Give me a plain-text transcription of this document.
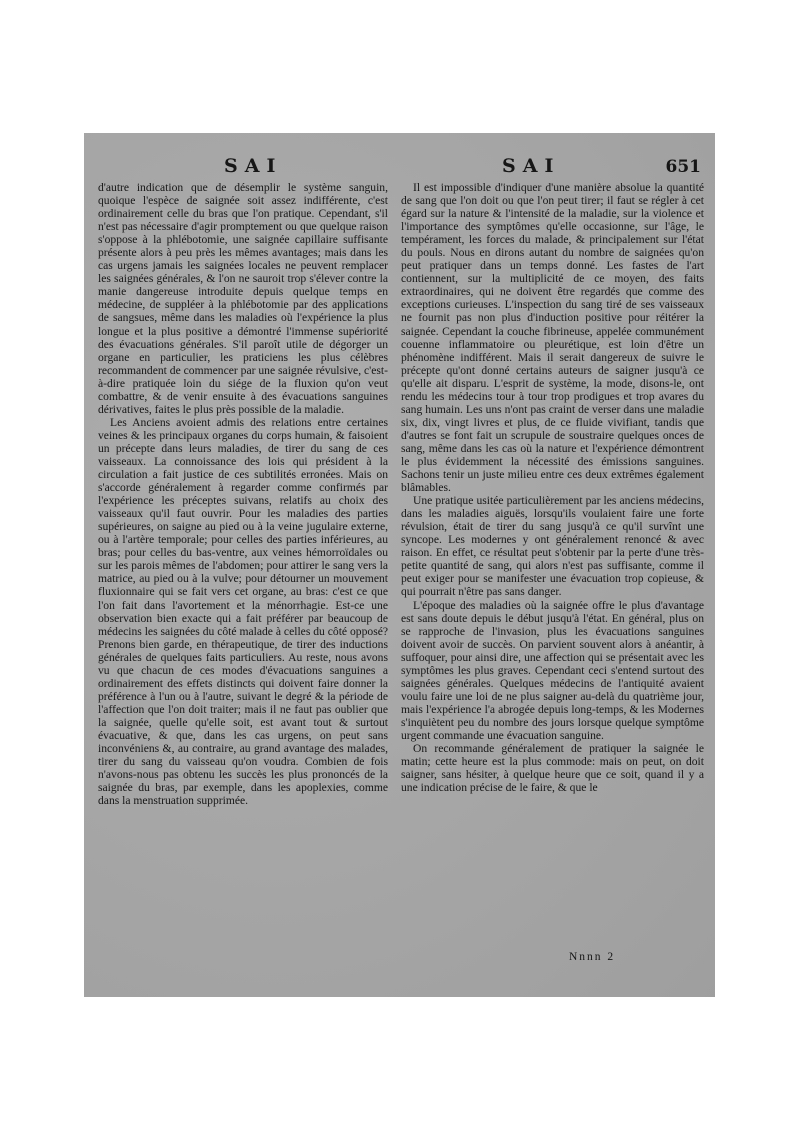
SAI	SAI	651

d'autre indication que de désemplir le système sanguin, quoique l'espèce de saignée soit assez indifférente, c'est ordinairement celle du bras que l'on pratique. Cependant, s'il n'est pas nécessaire d'agir promptement ou que quelque raison s'oppose à la phlébotomie, une saignée capillaire suffisante présente alors à peu près les mêmes avantages; mais dans les cas urgens jamais les saignées locales ne peuvent remplacer les saignées générales, & l'on ne sauroit trop s'élever contre la manie dangereuse introduite depuis quelque temps en médecine, de suppléer à la phlébotomie par des applications de sangsues, même dans les maladies où l'expérience la plus longue et la plus positive a démontré l'immense supériorité des évacuations générales. S'il paroît utile de dégorger un organe en particulier, les praticiens les plus célèbres recommandent de commencer par une saignée révulsive, c'est-à-dire pratiquée loin du siége de la fluxion qu'on veut combattre, & de venir ensuite à des évacuations sanguines dérivatives, faites le plus près possible de la maladie.

Les Anciens avoient admis des relations entre certaines veines & les principaux organes du corps humain, & faisoient un précepte dans leurs maladies, de tirer du sang de ces vaisseaux. La connoissance des lois qui président à la circulation a fait justice de ces subtilités erronées. Mais on s'accorde généralement à regarder comme confirmés par l'expérience les préceptes suivans, relatifs au choix des vaisseaux qu'il faut ouvrir. Pour les maladies des parties supérieures, on saigne au pied ou à la veine jugulaire externe, ou à l'artère temporale; pour celles des parties inférieures, au bras; pour celles du bas-ventre, aux veines hémorroïdales ou sur les parois mêmes de l'abdomen; pour attirer le sang vers la matrice, au pied ou à la vulve; pour détourner un mouvement fluxionnaire qui se fait vers cet organe, au bras: c'est ce que l'on fait dans l'avortement et la ménorrhagie. Est-ce une observation bien exacte qui a fait préférer par beaucoup de médecins les saignées du côté malade à celles du côté opposé? Prenons bien garde, en thérapeutique, de tirer des inductions générales de quelques faits particuliers. Au reste, nous avons vu que chacun de ces modes d'évacuations sanguines a ordinairement des effets distincts qui doivent faire donner la préférence à l'un ou à l'autre, suivant le degré & la période de l'affection que l'on doit traiter; mais il ne faut pas oublier que la saignée, quelle qu'elle soit, est avant tout & surtout évacuative, & que, dans les cas urgens, on peut sans inconvéniens &, au contraire, au grand avantage des malades, tirer du sang du vaisseau qu'on voudra. Combien de fois n'avons-nous pas obtenu les succès les plus prononcés de la saignée du bras, par exemple, dans les apoplexies, comme dans la menstruation supprimée.

Il est impossible d'indiquer d'une manière absolue la quantité de sang que l'on doit ou que l'on peut tirer; il faut se régler à cet égard sur la nature & l'intensité de la maladie, sur la violence et l'importance des symptômes qu'elle occasionne, sur l'âge, le tempérament, les forces du malade, & principalement sur l'état du pouls. Nous en dirons autant du nombre de saignées qu'on peut pratiquer dans un temps donné. Les fastes de l'art contiennent, sur la multiplicité de ce moyen, des faits extraordinaires, qui ne doivent être regardés que comme des exceptions curieuses. L'inspection du sang tiré de ses vaisseaux ne fournit pas non plus d'induction positive pour réitérer la saignée. Cependant la couche fibrineuse, appelée communément couenne inflammatoire ou pleurétique, est loin d'être un phénomène indifférent. Mais il serait dangereux de suivre le précepte qu'ont donné certains auteurs de saigner jusqu'à ce qu'elle ait disparu. L'esprit de système, la mode, disons-le, ont rendu les médecins tour à tour trop prodigues et trop avares du sang humain. Les uns n'ont pas craint de verser dans une maladie six, dix, vingt livres et plus, de ce fluide vivifiant, tandis que d'autres se font fait un scrupule de soustraire quelques onces de sang, même dans les cas où la nature et l'expérience démontrent le plus évidemment la nécessité des émissions sanguines. Sachons tenir un juste milieu entre ces deux extrêmes également blâmables.

Une pratique usitée particulièrement par les anciens médecins, dans les maladies aiguës, lorsqu'ils voulaient faire une forte révulsion, était de tirer du sang jusqu'à ce qu'il survînt une syncope. Les modernes y ont généralement renoncé & avec raison. En effet, ce résultat peut s'obtenir par la perte d'une très-petite quantité de sang, qui alors n'est pas suffisante, comme il peut exiger pour se manifester une évacuation trop copieuse, & qui pourrait n'être pas sans danger.

L'époque des maladies où la saignée offre le plus d'avantage est sans doute depuis le début jusqu'à l'état. En général, plus on se rapproche de l'invasion, plus les évacuations sanguines doivent avoir de succès. On parvient souvent alors à anéantir, à suffoquer, pour ainsi dire, une affection qui se présentait avec les symptômes les plus graves. Cependant ceci s'entend surtout des saignées générales. Quelques médecins de l'antiquité avaient voulu faire une loi de ne plus saigner au-delà du quatrième jour, mais l'expérience l'a abrogée depuis long-temps, & les Modernes s'inquiètent peu du nombre des jours lorsque quelque symptôme urgent commande une évacuation sanguine.

On recommande généralement de pratiquer la saignée le matin; cette heure est la plus commode: mais on peut, on doit saigner, sans hésiter, à quelque heure que ce soit, quand il y a une indication précise de le faire, & que le

Nnnn 2
